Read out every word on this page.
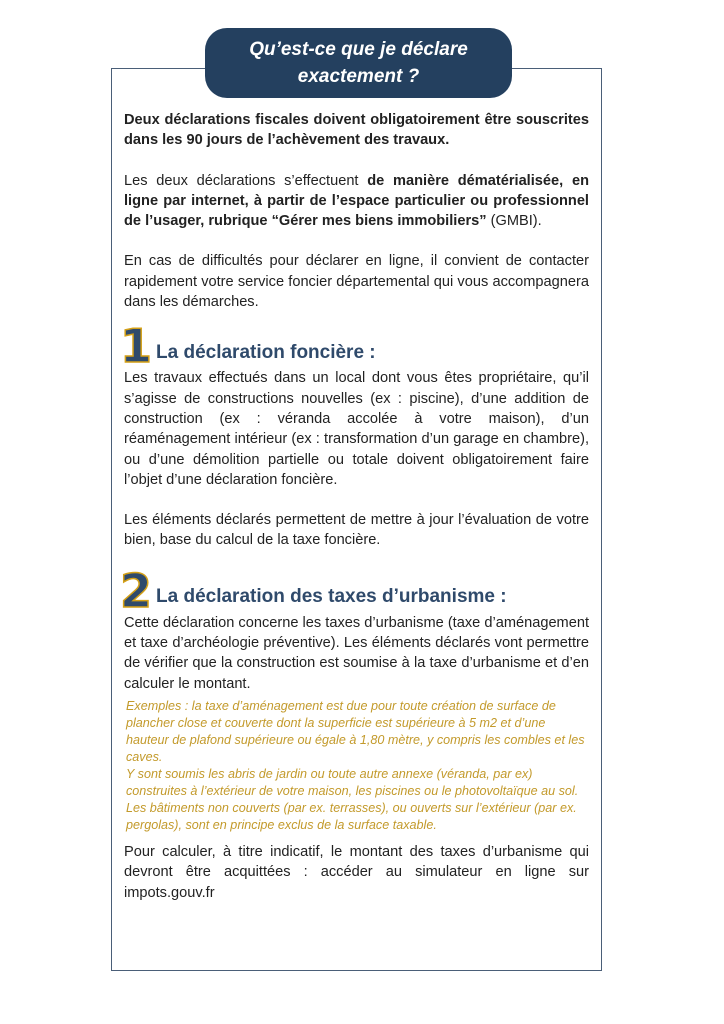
Qu’est-ce que je déclare
exactement ?

Deux déclarations fiscales doivent obligatoirement être souscrites dans les 90 jours de l’achèvement des travaux.

Les deux déclarations s’effectuent de manière dématérialisée, en ligne par internet, à partir de l’espace particulier ou professionnel de l’usager, rubrique “Gérer mes biens immobiliers” (GMBI).

En cas de difficultés pour déclarer en ligne, il convient de contacter rapidement votre service foncier départemental qui vous accompagnera dans les démarches.

1 La déclaration foncière :

Les travaux effectués dans un local dont vous êtes propriétaire, qu’il s’agisse de constructions nouvelles (ex : piscine), d’une addition de construction (ex : véranda accolée à votre maison), d’un réaménagement intérieur (ex : transformation d’un garage en chambre), ou d’une démolition partielle ou totale doivent obligatoirement faire l’objet d’une déclaration foncière.

Les éléments déclarés permettent de mettre à jour l’évaluation de votre bien, base du calcul de la taxe foncière.

2 La déclaration des taxes d’urbanisme :

Cette déclaration concerne les taxes d’urbanisme (taxe d’aménagement et taxe d’archéologie préventive). Les éléments déclarés vont permettre de vérifier que la construction est soumise à la taxe d’urbanisme et d’en calculer le montant.

Exemples : la taxe d’aménagement est due pour toute création de surface de plancher close et couverte dont la superficie est supérieure à 5 m2 et d’une hauteur de plafond supérieure ou égale à 1,80 mètre, y compris les combles et les caves.
Y sont soumis les abris de jardin ou toute autre annexe (véranda, par ex) construites à l’extérieur de votre maison, les piscines ou le photovoltaïque au sol.
Les bâtiments non couverts (par ex. terrasses), ou ouverts sur l’extérieur (par ex. pergolas), sont en principe exclus de la surface taxable.

Pour calculer, à titre indicatif, le montant des taxes d’urbanisme qui devront être acquittées : accéder au simulateur en ligne sur impots.gouv.fr
